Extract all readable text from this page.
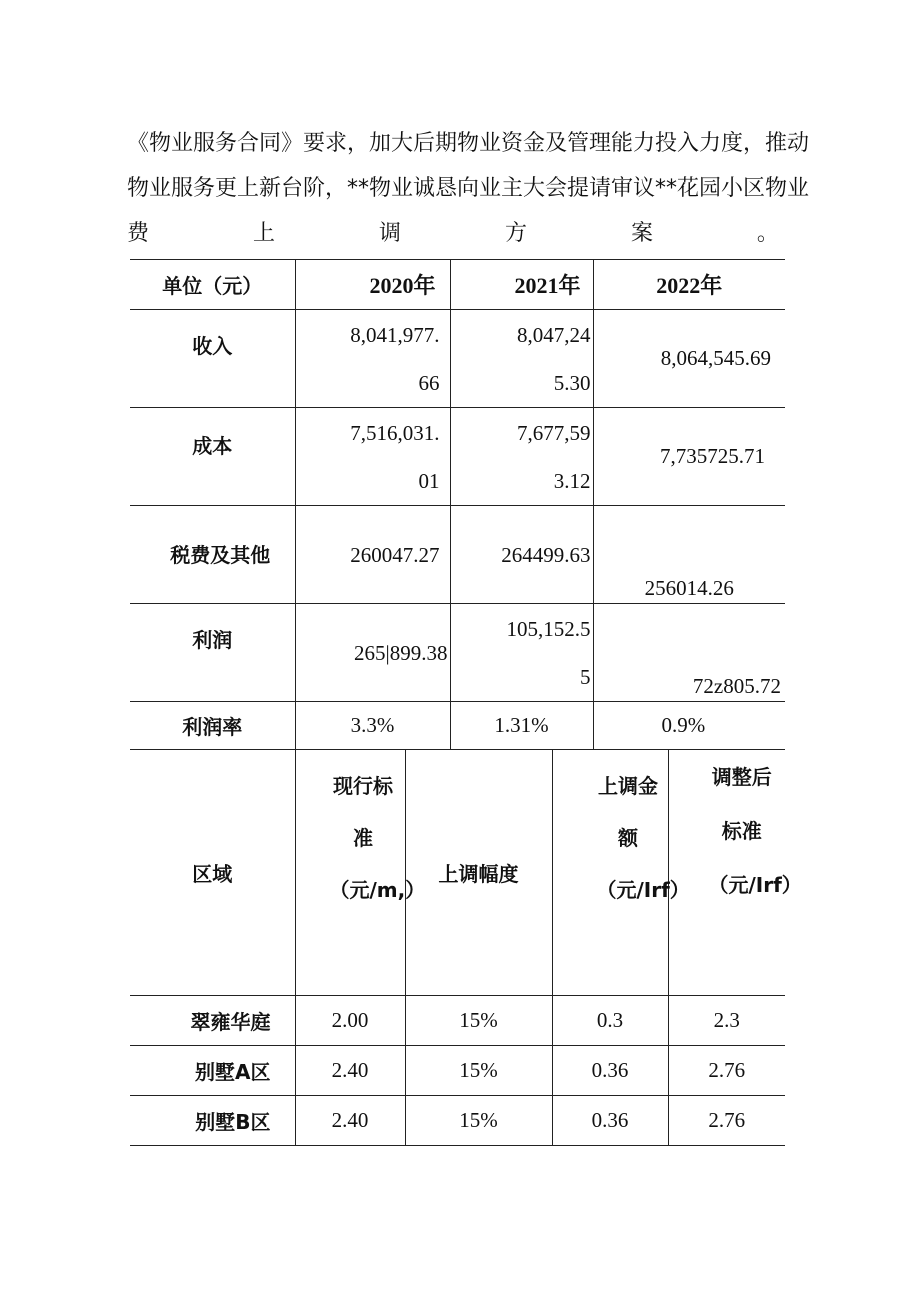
《物业服务合同》要求，加大后期物业资金及管理能力投入力度，推动
物业服务更上新台阶，**物业诚恳向业主大会提请审议**花园小区物业
费	上	调	方	案	。
单位（元）	2020年	2021年	2022年
收入	8,041,977.66	8,047,245.30	8,064,545.69
成本	7,516,031.01	7,677,593.12	7,735725.71
税费及其他	260047.27	264499.63	256014.26
利润	265|899.38	105,152.55	72z805.72
利润率	3.3%	1.31%	0.9%
区域	现行标准（元/m,）	上调幅度	上调金额（元/Irf）	调整后标准（元/Irf）

翠雍华庭	2.00	15%	0.3	2.3
别墅A区	2.40	15%	0.36	2.76
别墅B区	2.40	15%	0.36	2.76
